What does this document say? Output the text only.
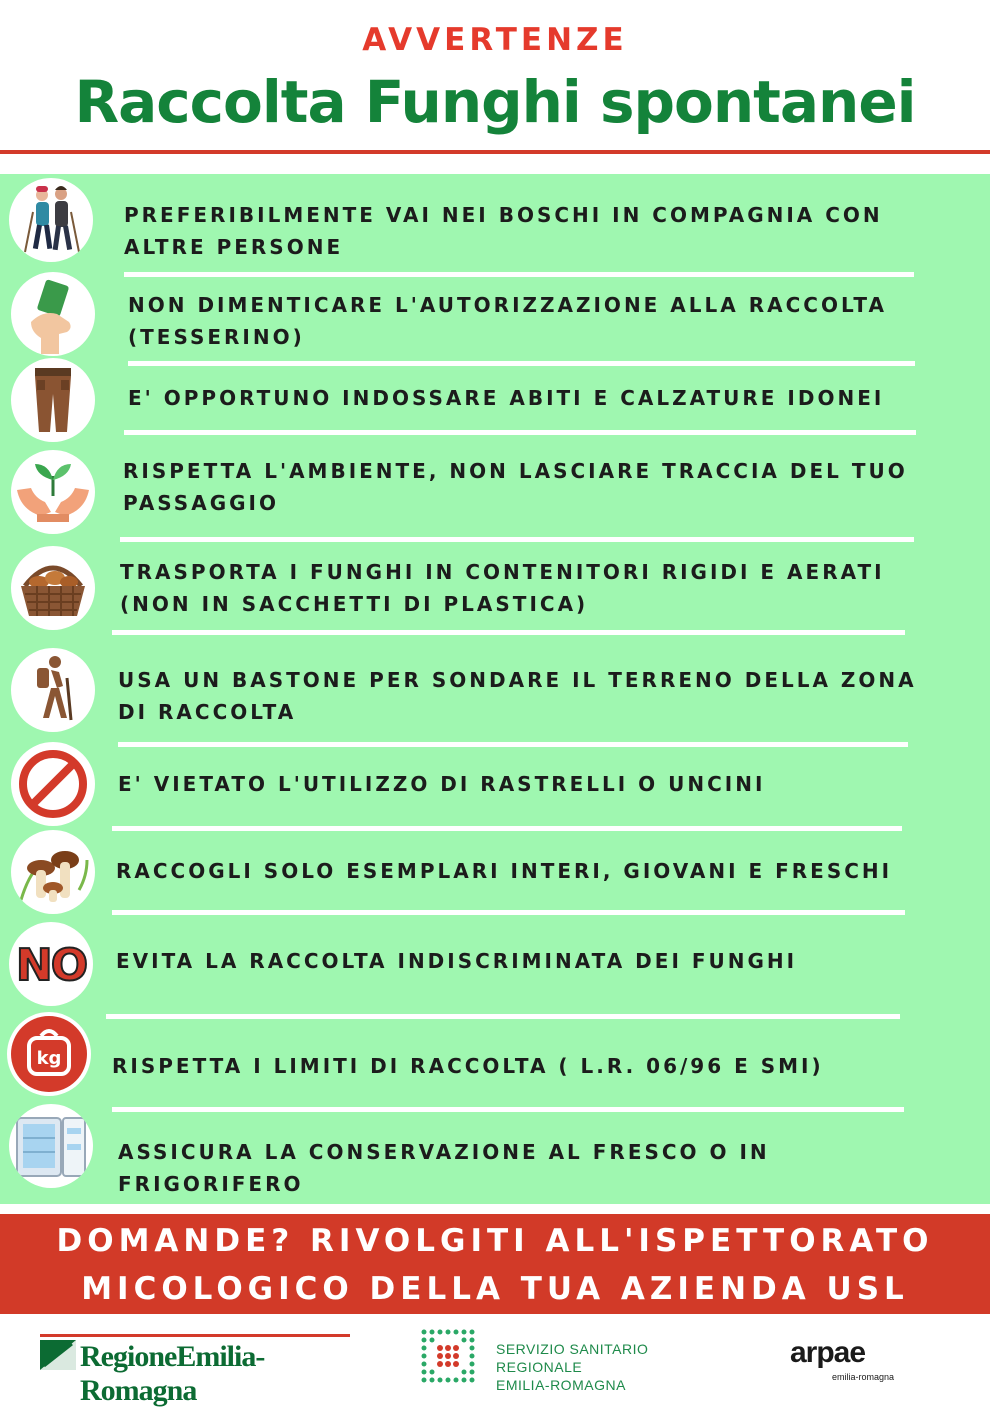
AVVERTENZE
Raccolta Funghi spontanei
PREFERIBILMENTE VAI NEI BOSCHI IN COMPAGNIA CON ALTRE PERSONE
NON DIMENTICARE L'AUTORIZZAZIONE ALLA RACCOLTA (TESSERINO)
E' OPPORTUNO INDOSSARE ABITI E CALZATURE IDONEI
RISPETTA L'AMBIENTE, NON LASCIARE TRACCIA DEL TUO PASSAGGIO
TRASPORTA I FUNGHI IN CONTENITORI RIGIDI E AERATI (NON IN SACCHETTI DI PLASTICA)
USA UN BASTONE PER SONDARE IL TERRENO DELLA ZONA DI RACCOLTA
E' VIETATO L'UTILIZZO DI RASTRELLI O UNCINI
RACCOGLI SOLO ESEMPLARI INTERI, GIOVANI E FRESCHI
NO EVITA LA RACCOLTA INDISCRIMINATA DEI FUNGHI
kg	RISPETTA I LIMITI DI RACCOLTA ( L.R. 06/96 E SMI)
ASSICURA LA CONSERVAZIONE AL FRESCO O IN FRIGORIFERO
DOMANDE? RIVOLGITI ALL'ISPETTORATO
MICOLOGICO DELLA TUA AZIENDA USL
RegioneEmilia-Romagna
SERVIZIO SANITARIO REGIONALE
EMILIA-ROMAGNA
arpae
emilia-romagna
